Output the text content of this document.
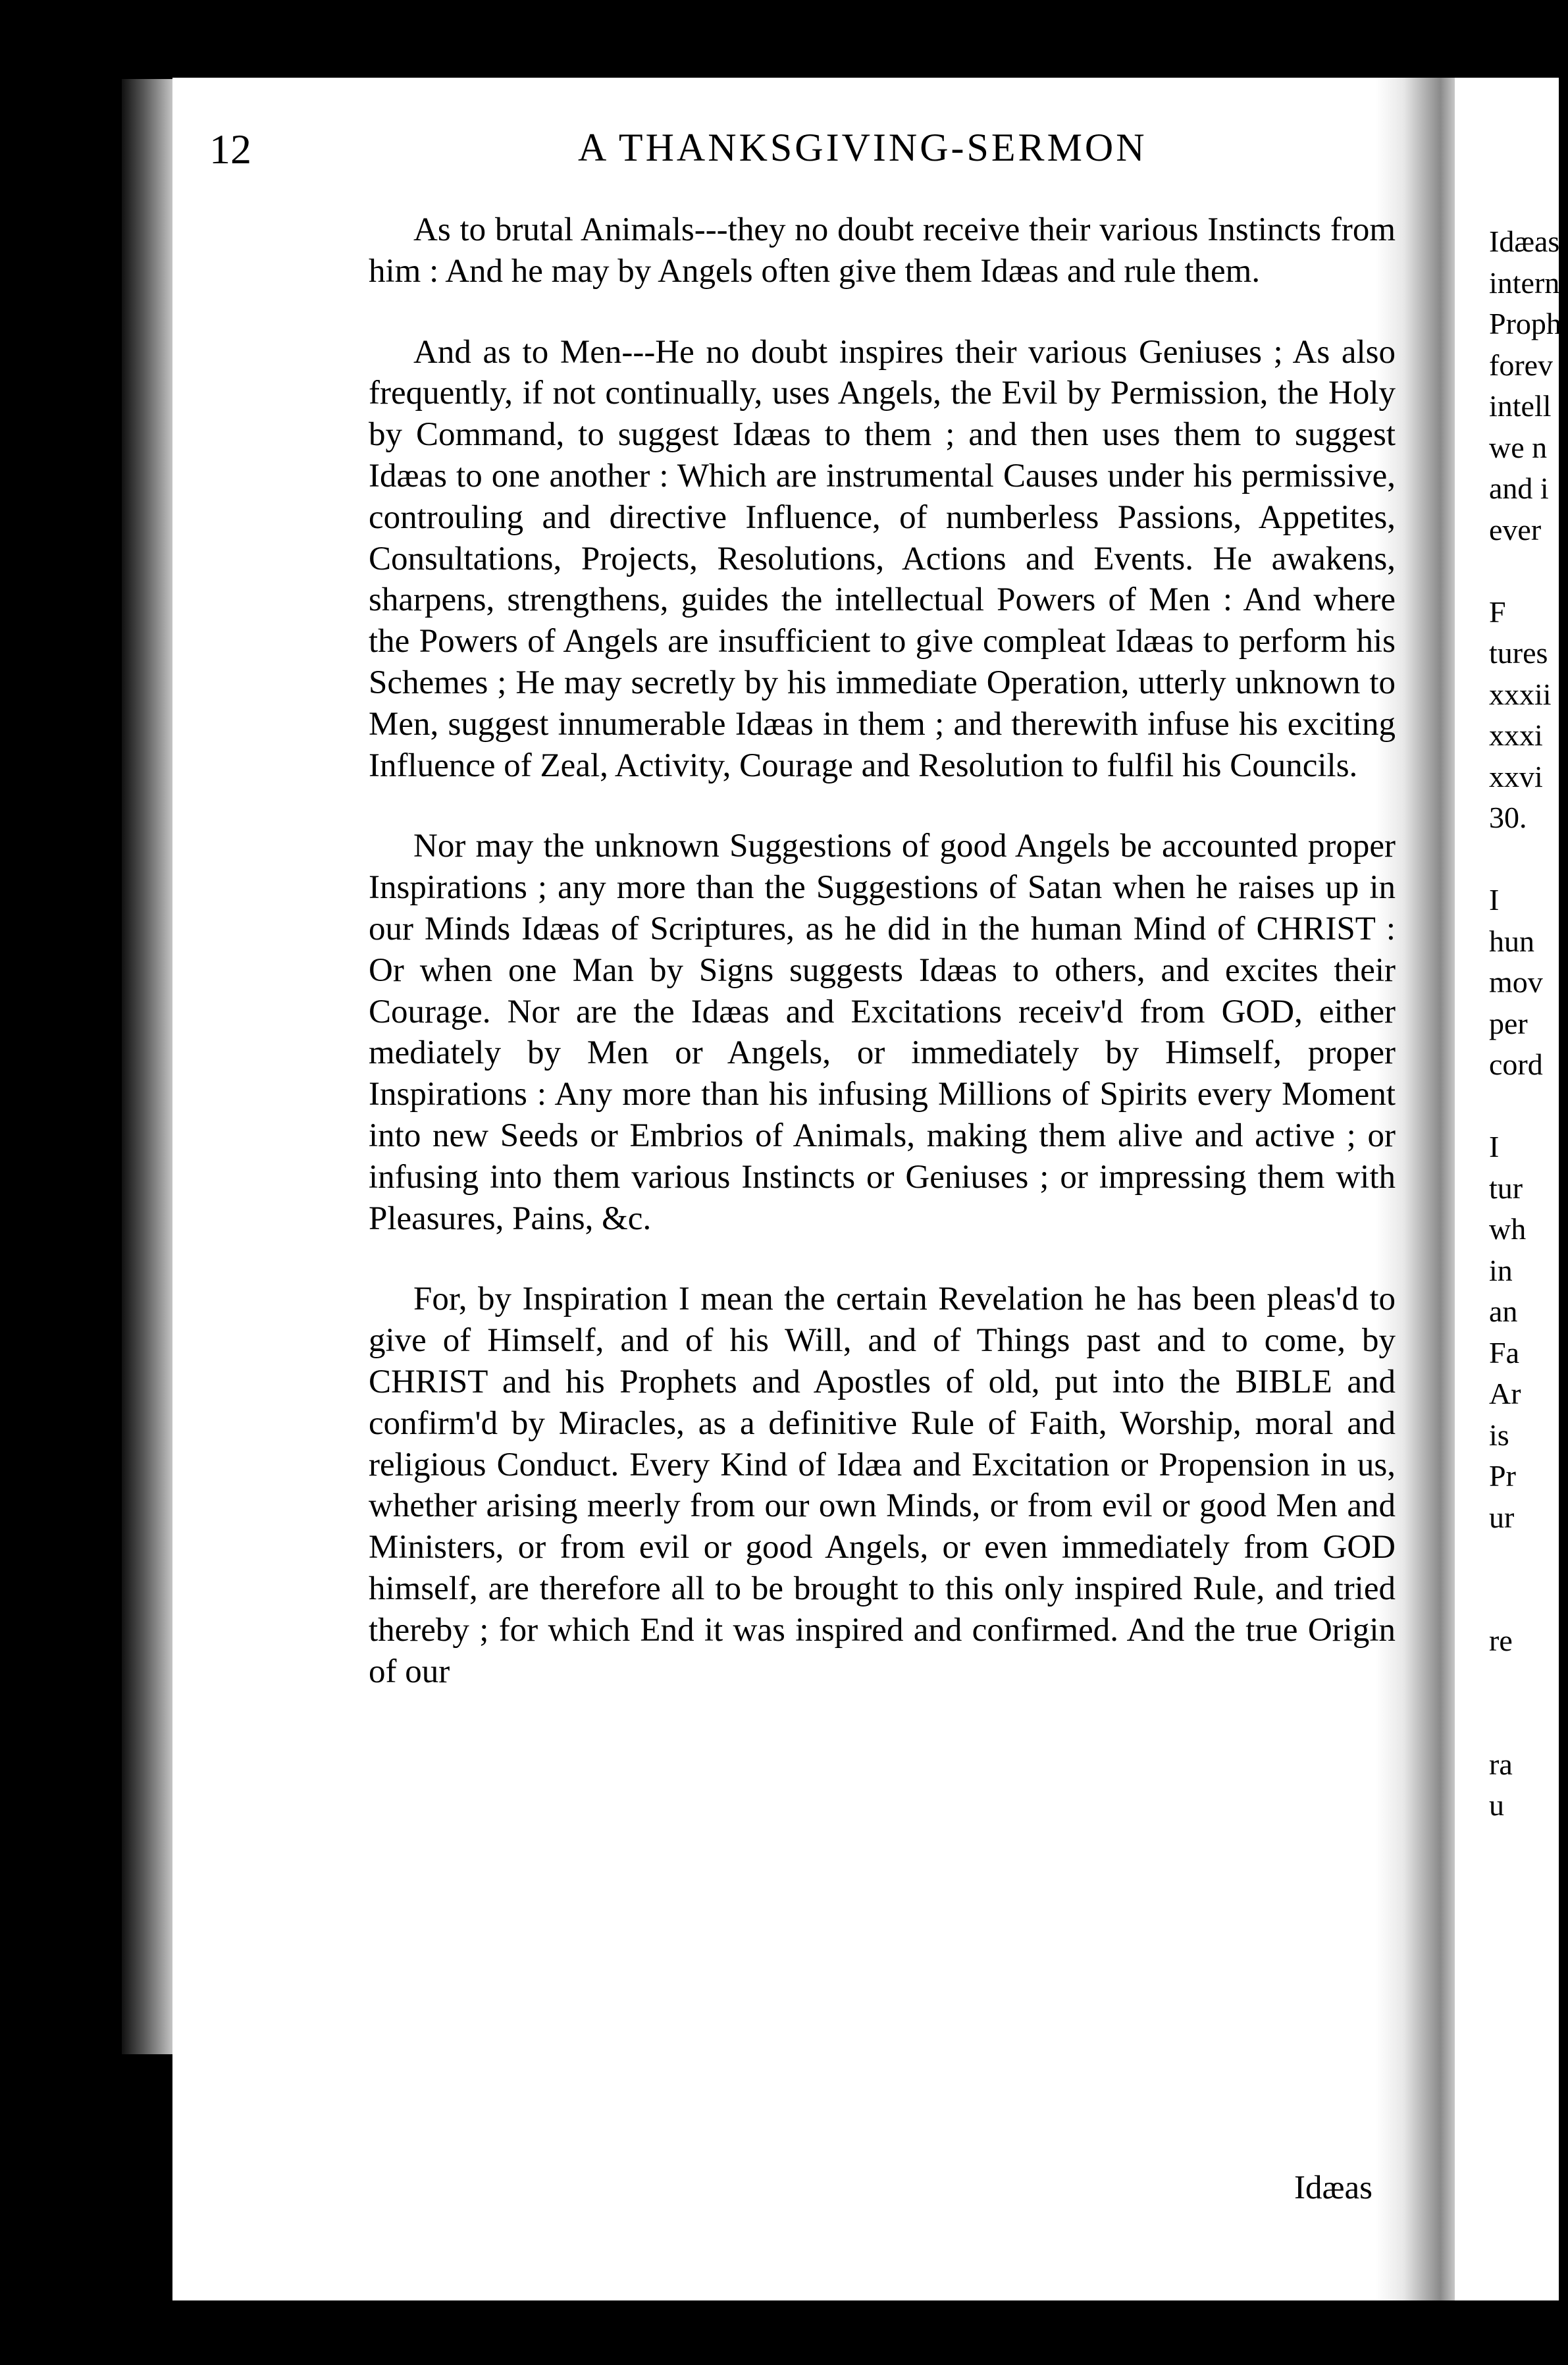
12	A THANKSGIVING-SERMON

As to brutal Animals---they no doubt receive their various Instincts from him : And he may by Angels often give them Idæas and rule them.

And as to Men---He no doubt inspires their various Geniuses ; As also frequently, if not continually, uses Angels, the Evil by Permission, the Holy by Command, to suggest Idæas to them ; and then uses them to suggest Idæas to one another : Which are instrumental Causes under his permissive, controuling and directive Influence, of numberless Passions, Appetites, Consultations, Projects, Resolutions, Actions and Events. He awakens, sharpens, strengthens, guides the intellectual Powers of Men : And where the Powers of Angels are insufficient to give compleat Idæas to perform his Schemes ; He may secretly by his immediate Operation, utterly unknown to Men, suggest innumerable Idæas in them ; and therewith infuse his exciting Influence of Zeal, Activity, Courage and Resolution to fulfil his Councils.

Nor may the unknown Suggestions of good Angels be accounted proper Inspirations ; any more than the Suggestions of Satan when he raises up in our Minds Idæas of Scriptures, as he did in the human Mind of CHRIST : Or when one Man by Signs suggests Idæas to others, and excites their Courage. Nor are the Idæas and Excitations receiv'd from GOD, either mediately by Men or Angels, or immediately by Himself, proper Inspirations : Any more than his infusing Millions of Spirits every Moment into new Seeds or Embrios of Animals, making them alive and active ; or infusing into them various Instincts or Geniuses ; or impressing them with Pleasures, Pains, &c.

For, by Inspiration I mean the certain Revelation he has been pleas'd to give of Himself, and of his Will, and of Things past and to come, by CHRIST and his Prophets and Apostles of old, put into the BIBLE and confirm'd by Miracles, as a definitive Rule of Faith, Worship, moral and religious Conduct. Every Kind of Idæa and Excitation or Propension in us, whether arising meerly from our own Minds, or from evil or good Men and Ministers, or from evil or good Angels, or even immediately from GOD himself, are therefore all to be brought to this only inspired Rule, and tried thereby ; for which End it was inspired and confirmed. And the true Origin of our

Idæas
Idæas
intern
Proph
forev
intell
we n
and i
ever

F
tures
xxxii
xxxi
xxvi
30.

I
hun
mov
per
cord

I
tur
wh
in
an
Fa
Ar
is
Pr
ur

re

ra
u
